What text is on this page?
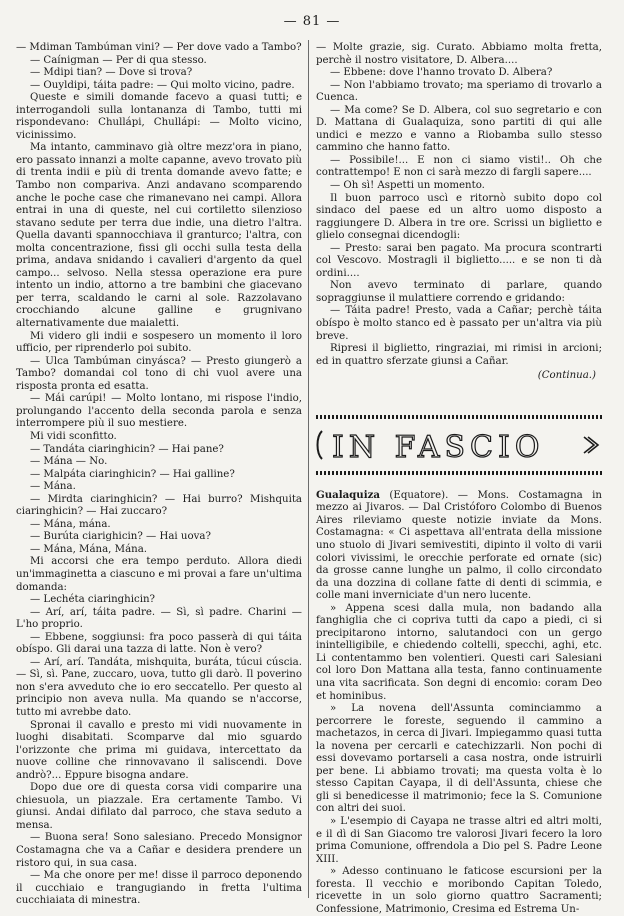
— 81 —

— Mdiman Tambúman vini? — Per dove vado a Tambo?

— Caínigman — Per di qua stesso.

— Mdipi tian? — Dove si trova?

— Ouyldipi, táita padre: — Qui molto vicino, padre.

Queste e simili domande facevo a quasi tutti; e interrogandoli sulla lontananza di Tambo, tutti mi rispondevano: Chullápi, Chullápi: — Molto vicino, vicinissimo.

Ma intanto, camminavo già oltre mezz'ora in piano, ero passato innanzi a molte capanne, avevo trovato più di trenta indii e più di trenta domande avevo fatte; e Tambo non compariva. Anzi andavano scomparendo anche le poche case che rimanevano nei campi. Allora entrai in una di queste, nel cui cortiletto silenzioso stavano sedute per terra due indie, una dietro l'altra. Quella davanti spannocchiava il granturco; l'altra, con molta concentrazione, fissi gli occhi sulla testa della prima, andava snidando i cavalieri d'argento da quel campo... selvoso. Nella stessa operazione era pure intento un indio, attorno a tre bambini che giacevano per terra, scaldando le carni al sole. Razzolavano crocchiando alcune galline e grugnivano alternativamente due maialetti.

Mi videro gli indii e sospesero un momento il loro ufficio, per riprenderlo poi subito.

— Ulca Tambúman cinyásca? — Presto giungerò a Tambo? domandai col tono di chi vuol avere una risposta pronta ed esatta.

— Mái carúpi! — Molto lontano, mi rispose l'indio, prolungando l'accento della seconda parola e senza interrompere più il suo mestiere.

Mi vidi sconfitto.

— Tandáta ciaringhicin? — Hai pane?

— Mána — No.

— Malpáta ciaringhicin? — Hai galline?

— Mána.

— Mirdta ciaringhicin? — Hai burro? Mishquita ciaringhicin? — Hai zuccaro?

— Mána, mána.

— Burúta ciarighicin? — Hai uova?

— Mána, Mána, Mána.

Mi accorsi che era tempo perduto. Allora diedi un'immaginetta a ciascuno e mi provai a fare un'ultima domanda:

— Lechéta ciaringhicin?

— Arí, arí, táita padre. — Sì, sì padre. Charini — L'ho proprio.

— Ebbene, soggiunsi: fra poco passerà di qui táita obíspo. Gli darai una tazza di latte. Non è vero?

— Arí, arí. Tandáta, mishquita, buráta, túcui cúscia. — Sì, sì. Pane, zuccaro, uova, tutto gli darò. Il poverino non s'era avveduto che io ero seccatello. Per questo al principio non aveva nulla. Ma quando se n'accorse, tutto mi avrebbe dato.

Spronai il cavallo e presto mi vidi nuovamente in luoghi disabitati. Scomparve dal mio sguardo l'orizzonte che prima mi guidava, intercettato da nuove colline che rinnovavano il saliscendi. Dove andrò?... Eppure bisogna andare.

Dopo due ore di questa corsa vidi comparire una chiesuola, un piazzale. Era certamente Tambo. Vi giunsi. Andai difilato dal parroco, che stava seduto a mensa.

— Buona sera! Sono salesiano. Precedo Monsignor Costamagna che va a Cañar e desidera prendere un ristoro qui, in sua casa.

— Ma che onore per me! disse il parroco deponendo il cucchiaio e trangugiando in fretta l'ultima cucchiaiata di minestra.

— Molte grazie, sig. Curato. Abbiamo molta fretta, perchè il nostro visitatore, D. Albera....

— Ebbene: dove l'hanno trovato D. Albera?

— Non l'abbiamo trovato; ma speriamo di trovarlo a Cuenca.

— Ma come? Se D. Albera, col suo segretario e con D. Mattana di Gualaquiza, sono partiti di qui alle undici e mezzo e vanno a Riobamba sullo stesso cammino che hanno fatto.

— Possibile!... E non ci siamo visti!.. Oh che contrattempo! E non ci sarà mezzo di fargli sapere....

— Oh sì! Aspetti un momento.

Il buon parroco uscì e ritornò subito dopo col sindaco del paese ed un altro uomo disposto a raggiungere D. Albera in tre ore. Scrissi un biglietto e glielo consegnai dicendogli:

— Presto: sarai ben pagato. Ma procura scontrarti col Vescovo. Mostragli il biglietto..... e se non ti dà ordini....

Non avevo terminato di parlare, quando sopraggiunse il mulattiere correndo e gridando:

— Táita padre! Presto, vada a Cañar; perchè táita obíspo è molto stanco ed è passato per un'altra via più breve.

Ripresi il biglietto, ringraziai, mi rimisi in arcioni; ed in quattro sferzate giunsi a Cañar.

(Continua.)
IN FASCIO

Gualaquiza (Equatore). — Mons. Costamagna in mezzo ai Jivaros. — Dal Cristóforo Colombo di Buenos Aires rileviamo queste notizie inviate da Mons. Costamagna: « Ci aspettava all'entrata della missione uno stuolo di Jivari semivestiti, dipinto il volto di varii colori vivissimi, le orecchie perforate ed ornate (sic) da grosse canne lunghe un palmo, il collo circondato da una dozzina di collane fatte di denti di scimmia, e colle mani inverniciate d'un nero lucente.

» Appena scesi dalla mula, non badando alla fanghiglia che ci copriva tutti da capo a piedi, ci si precipitarono intorno, salutandoci con un gergo inintelligibile, e chiedendo coltelli, specchi, aghi, etc. Li contentammo ben volentieri. Questi cari Salesiani col loro Don Mattana alla testa, fanno continuamente una vita sacrificata. Son degni di encomio: coram Deo et hominibus.

» La novena dell'Assunta cominciammo a percorrere le foreste, seguendo il cammino a machetazos, in cerca di Jivari. Impiegammo quasi tutta la novena per cercarli e catechizzarli. Non pochi di essi dovevamo portarseli a casa nostra, onde istruirli per bene. Li abbiamo trovati; ma questa volta è lo stesso Capitan Cayapa, il di dell'Assunta, chiese che gli si benedicesse il matrimonio; fece la S. Comunione con altri dei suoi.

» L'esempio di Cayapa ne trasse altri ed altri molti, e il dì di San Giacomo tre valorosi Jivari fecero la loro prima Comunione, offrendola a Dio pel S. Padre Leone XIII.

» Adesso continuano le faticose escursioni per la foresta. Il vecchio e moribondo Capitan Toledo, ricevette in un solo giorno quattro Sacramenti; Confessione, Matrimonio, Cresima ed Estrema Un-
